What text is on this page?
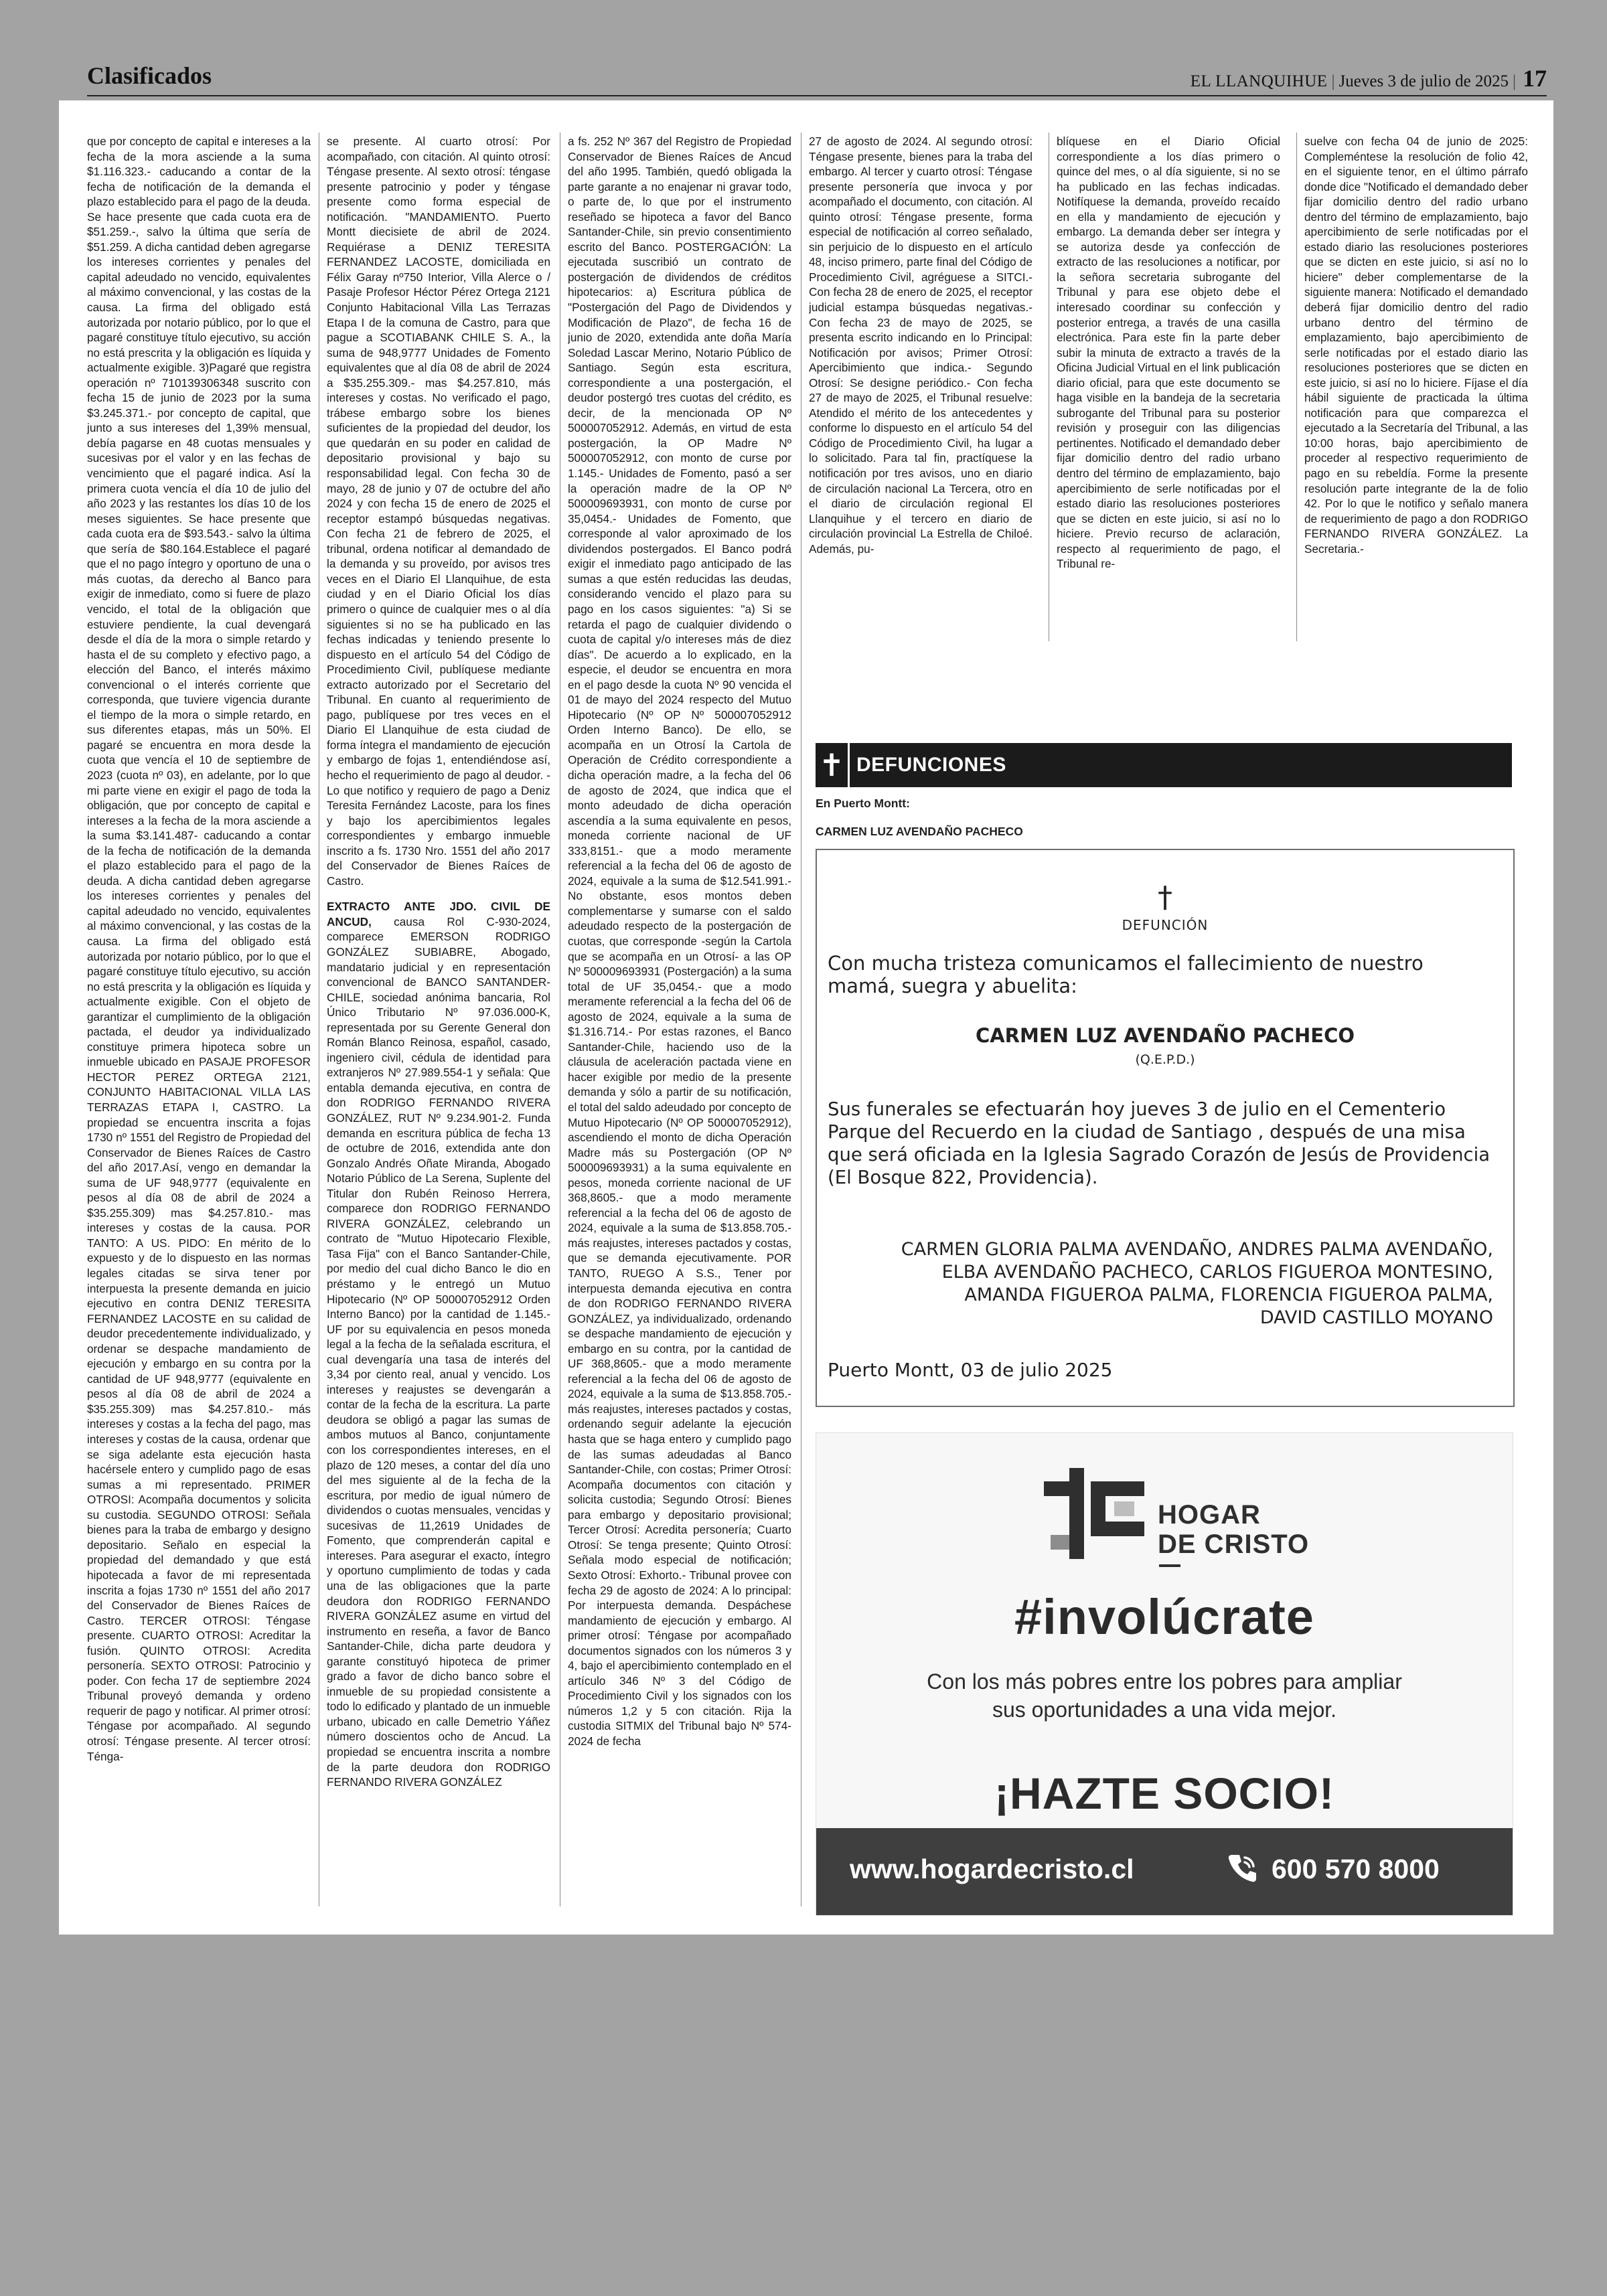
Clasificados	EL LLANQUIHUE | Jueves 3 de julio de 2025 | 17

que por concepto de capital e intereses a la fecha de la mora asciende a la suma $1.116.323.- caducando a contar de la fecha de notificación de la demanda el plazo establecido para el pago de la deuda. Se hace presente que cada cuota era de $51.259.-, salvo la última que sería de $51.259. A dicha cantidad deben agregarse los intereses corrientes y penales del capital adeudado no vencido, equivalentes al máximo convencional, y las costas de la causa. La firma del obligado está autorizada por notario público, por lo que el pagaré constituye título ejecutivo, su acción no está prescrita y la obligación es líquida y actualmente exigible. 3)Pagaré que registra operación nº 710139306348 suscrito con fecha 15 de junio de 2023 por la suma $3.245.371.- por concepto de capital, que junto a sus intereses del 1,39% mensual, debía pagarse en 48 cuotas mensuales y sucesivas por el valor y en las fechas de vencimiento que el pagaré indica. Así la primera cuota vencía el día 10 de julio del año 2023 y las restantes los días 10 de los meses siguientes. Se hace presente que cada cuota era de $93.543.- salvo la última que sería de $80.164.Establece el pagaré que el no pago íntegro y oportuno de una o más cuotas, da derecho al Banco para exigir de inmediato, como si fuere de plazo vencido, el total de la obligación que estuviere pendiente, la cual devengará desde el día de la mora o simple retardo y hasta el de su completo y efectivo pago, a elección del Banco, el interés máximo convencional o el interés corriente que corresponda, que tuviere vigencia durante el tiempo de la mora o simple retardo, en sus diferentes etapas, más un 50%. El pagaré se encuentra en mora desde la cuota que vencía el 10 de septiembre de 2023 (cuota nº 03), en adelante, por lo que mi parte viene en exigir el pago de toda la obligación, que por concepto de capital e intereses a la fecha de la mora asciende a la suma $3.141.487- caducando a contar de la fecha de notificación de la demanda el plazo establecido para el pago de la deuda. A dicha cantidad deben agregarse los intereses corrientes y penales del capital adeudado no vencido, equivalentes al máximo convencional, y las costas de la causa. La firma del obligado está autorizada por notario público, por lo que el pagaré constituye título ejecutivo, su acción no está prescrita y la obligación es líquida y actualmente exigible. Con el objeto de garantizar el cumplimiento de la obligación pactada, el deudor ya individualizado constituye primera hipoteca sobre un inmueble ubicado en PASAJE PROFESOR HECTOR PEREZ ORTEGA 2121, CONJUNTO HABITACIONAL VILLA LAS TERRAZAS ETAPA I, CASTRO. La propiedad se encuentra inscrita a fojas 1730 nº 1551 del Registro de Propiedad del Conservador de Bienes Raíces de Castro del año 2017.Así, vengo en demandar la suma de UF 948,9777 (equivalente en pesos al día 08 de abril de 2024 a $35.255.309) mas $4.257.810.- mas intereses y costas de la causa. POR TANTO: A US. PIDO: En mérito de lo expuesto y de lo dispuesto en las normas legales citadas se sirva tener por interpuesta la presente demanda en juicio ejecutivo en contra DENIZ TERESITA FERNANDEZ LACOSTE en su calidad de deudor precedentemente individualizado, y ordenar se despache mandamiento de ejecución y embargo en su contra por la cantidad de UF 948,9777 (equivalente en pesos al día 08 de abril de 2024 a $35.255.309) mas $4.257.810.- más intereses y costas a la fecha del pago, mas intereses y costas de la causa, ordenar que se siga adelante esta ejecución hasta hacérsele entero y cumplido pago de esas sumas a mi representado. PRIMER OTROSI: Acompaña documentos y solicita su custodia. SEGUNDO OTROSI: Señala bienes para la traba de embargo y designo depositario. Señalo en especial la propiedad del demandado y que está hipotecada a favor de mi representada inscrita a fojas 1730 nº 1551 del año 2017 del Conservador de Bienes Raíces de Castro. TERCER OTROSI: Téngase presente. CUARTO OTROSI: Acreditar la fusión. QUINTO OTROSI: Acredita personería. SEXTO OTROSI: Patrocinio y poder. Con fecha 17 de septiembre 2024 Tribunal proveyó demanda y ordeno requerir de pago y notificar. Al primer otrosí: Téngase por acompañado. Al segundo otrosí: Téngase presente. Al tercer otrosí: Ténga-

se presente. Al cuarto otrosí: Por acompañado, con citación. Al quinto otrosí: Téngase presente. Al sexto otrosí: téngase presente patrocinio y poder y téngase presente como forma especial de notificación. "MANDAMIENTO. Puerto Montt diecisiete de abril de 2024. Requiérase a DENIZ TERESITA FERNANDEZ LACOSTE, domiciliada en Félix Garay nº750 Interior, Villa Alerce o / Pasaje Profesor Héctor Pérez Ortega 2121 Conjunto Habitacional Villa Las Terrazas Etapa I de la comuna de Castro, para que pague a SCOTIABANK CHILE S. A., la suma de 948,9777 Unidades de Fomento equivalentes que al día 08 de abril de 2024 a $35.255.309.- mas $4.257.810, más intereses y costas. No verificado el pago, trábese embargo sobre los bienes suficientes de la propiedad del deudor, los que quedarán en su poder en calidad de depositario provisional y bajo su responsabilidad legal. Con fecha 30 de mayo, 28 de junio y 07 de octubre del año 2024 y con fecha 15 de enero de 2025 el receptor estampó búsquedas negativas. Con fecha 21 de febrero de 2025, el tribunal, ordena notificar al demandado de la demanda y su proveído, por avisos tres veces en el Diario El Llanquihue, de esta ciudad y en el Diario Oficial los días primero o quince de cualquier mes o al día siguientes si no se ha publicado en las fechas indicadas y teniendo presente lo dispuesto en el artículo 54 del Código de Procedimiento Civil, publíquese mediante extracto autorizado por el Secretario del Tribunal. En cuanto al requerimiento de pago, publíquese por tres veces en el Diario El Llanquihue de esta ciudad de forma íntegra el mandamiento de ejecución y embargo de fojas 1, entendiéndose así, hecho el requerimiento de pago al deudor. - Lo que notifico y requiero de pago a Deniz Teresita Fernández Lacoste, para los fines y bajo los apercibimientos legales correspondientes y embargo inmueble inscrito a fs. 1730 Nro. 1551 del año 2017 del Conservador de Bienes Raíces de Castro.

EXTRACTO ANTE JDO. CIVIL DE ANCUD, causa Rol C-930-2024, comparece EMERSON RODRIGO GONZÁLEZ SUBIABRE, Abogado, mandatario judicial y en representación convencional de BANCO SANTANDER-CHILE, sociedad anónima bancaria, Rol Único Tributario Nº 97.036.000-K, representada por su Gerente General don Román Blanco Reinosa, español, casado, ingeniero civil, cédula de identidad para extranjeros Nº 27.989.554-1 y señala: Que entabla demanda ejecutiva, en contra de don RODRIGO FERNANDO RIVERA GONZÁLEZ, RUT Nº 9.234.901-2. Funda demanda en escritura pública de fecha 13 de octubre de 2016, extendida ante don Gonzalo Andrés Oñate Miranda, Abogado Notario Público de La Serena, Suplente del Titular don Rubén Reinoso Herrera, comparece don RODRIGO FERNANDO RIVERA GONZÁLEZ, celebrando un contrato de "Mutuo Hipotecario Flexible, Tasa Fija" con el Banco Santander-Chile, por medio del cual dicho Banco le dio en préstamo y le entregó un Mutuo Hipotecario (Nº OP 500007052912 Orden Interno Banco) por la cantidad de 1.145.- UF por su equivalencia en pesos moneda legal a la fecha de la señalada escritura, el cual devengaría una tasa de interés del 3,34 por ciento real, anual y vencido. Los intereses y reajustes se devengarán a contar de la fecha de la escritura. La parte deudora se obligó a pagar las sumas de ambos mutuos al Banco, conjuntamente con los correspondientes intereses, en el plazo de 120 meses, a contar del día uno del mes siguiente al de la fecha de la escritura, por medio de igual número de dividendos o cuotas mensuales, vencidas y sucesivas de 11,2619 Unidades de Fomento, que comprenderán capital e intereses. Para asegurar el exacto, íntegro y oportuno cumplimiento de todas y cada una de las obligaciones que la parte deudora don RODRIGO FERNANDO RIVERA GONZÁLEZ asume en virtud del instrumento en reseña, a favor de Banco Santander-Chile, dicha parte deudora y garante constituyó hipoteca de primer grado a favor de dicho banco sobre el inmueble de su propiedad consistente a todo lo edificado y plantado de un inmueble urbano, ubicado en calle Demetrio Yáñez número doscientos ocho de Ancud. La propiedad se encuentra inscrita a nombre de la parte deudora don RODRIGO FERNANDO RIVERA GONZÁLEZ

a fs. 252 Nº 367 del Registro de Propiedad Conservador de Bienes Raíces de Ancud del año 1995. También, quedó obligada la parte garante a no enajenar ni gravar todo, o parte de, lo que por el instrumento reseñado se hipoteca a favor del Banco Santander-Chile, sin previo consentimiento escrito del Banco. POSTERGACIÓN: La ejecutada suscribió un contrato de postergación de dividendos de créditos hipotecarios: a) Escritura pública de "Postergación del Pago de Dividendos y Modificación de Plazo", de fecha 16 de junio de 2020, extendida ante doña María Soledad Lascar Merino, Notario Público de Santiago. Según esta escritura, correspondiente a una postergación, el deudor postergó tres cuotas del crédito, es decir, de la mencionada OP Nº 500007052912. Además, en virtud de esta postergación, la OP Madre Nº 500007052912, con monto de curse por 1.145.- Unidades de Fomento, pasó a ser la operación madre de la OP Nº 500009693931, con monto de curse por 35,0454.- Unidades de Fomento, que corresponde al valor aproximado de los dividendos postergados. El Banco podrá exigir el inmediato pago anticipado de las sumas a que estén reducidas las deudas, considerando vencido el plazo para su pago en los casos siguientes: "a) Si se retarda el pago de cualquier dividendo o cuota de capital y/o intereses más de diez días". De acuerdo a lo explicado, en la especie, el deudor se encuentra en mora en el pago desde la cuota Nº 90 vencida el 01 de mayo del 2024 respecto del Mutuo Hipotecario (Nº OP Nº 500007052912 Orden Interno Banco). De ello, se acompaña en un Otrosí la Cartola de Operación de Crédito correspondiente a dicha operación madre, a la fecha del 06 de agosto de 2024, que indica que el monto adeudado de dicha operación ascendía a la suma equivalente en pesos, moneda corriente nacional de UF 333,8151.- que a modo meramente referencial a la fecha del 06 de agosto de 2024, equivale a la suma de $12.541.991.- No obstante, esos montos deben complementarse y sumarse con el saldo adeudado respecto de la postergación de cuotas, que corresponde -según la Cartola que se acompaña en un Otrosí- a las OP Nº 500009693931 (Postergación) a la suma total de UF 35,0454.- que a modo meramente referencial a la fecha del 06 de agosto de 2024, equivale a la suma de $1.316.714.- Por estas razones, el Banco Santander-Chile, haciendo uso de la cláusula de aceleración pactada viene en hacer exigible por medio de la presente demanda y sólo a partir de su notificación, el total del saldo adeudado por concepto de Mutuo Hipotecario (Nº OP 500007052912), ascendiendo el monto de dicha Operación Madre más su Postergación (OP Nº 500009693931) a la suma equivalente en pesos, moneda corriente nacional de UF 368,8605.- que a modo meramente referencial a la fecha del 06 de agosto de 2024, equivale a la suma de $13.858.705.- más reajustes, intereses pactados y costas, que se demanda ejecutivamente. POR TANTO, RUEGO A S.S., Tener por interpuesta demanda ejecutiva en contra de don RODRIGO FERNANDO RIVERA GONZÁLEZ, ya individualizado, ordenando se despache mandamiento de ejecución y embargo en su contra, por la cantidad de UF 368,8605.- que a modo meramente referencial a la fecha del 06 de agosto de 2024, equivale a la suma de $13.858.705.- más reajustes, intereses pactados y costas, ordenando seguir adelante la ejecución hasta que se haga entero y cumplido pago de las sumas adeudadas al Banco Santander-Chile, con costas; Primer Otrosí: Acompaña documentos con citación y solicita custodia; Segundo Otrosí: Bienes para embargo y depositario provisional; Tercer Otrosí: Acredita personería; Cuarto Otrosí: Se tenga presente; Quinto Otrosí: Señala modo especial de notificación; Sexto Otrosí: Exhorto.- Tribunal provee con fecha 29 de agosto de 2024: A lo principal: Por interpuesta demanda. Despáchese mandamiento de ejecución y embargo. Al primer otrosí: Téngase por acompañado documentos signados con los números 3 y 4, bajo el apercibimiento contemplado en el artículo 346 Nº 3 del Código de Procedimiento Civil y los signados con los números 1,2 y 5 con citación. Rija la custodia SITMIX del Tribunal bajo Nº 574-2024 de fecha

27 de agosto de 2024. Al segundo otrosí: Téngase presente, bienes para la traba del embargo. Al tercer y cuarto otrosí: Téngase presente personería que invoca y por acompañado el documento, con citación. Al quinto otrosí: Téngase presente, forma especial de notificación al correo señalado, sin perjuicio de lo dispuesto en el artículo 48, inciso primero, parte final del Código de Procedimiento Civil, agréguese a SITCI.- Con fecha 28 de enero de 2025, el receptor judicial estampa búsquedas negativas.- Con fecha 23 de mayo de 2025, se presenta escrito indicando en lo Principal: Notificación por avisos; Primer Otrosí: Apercibimiento que indica.- Segundo Otrosí: Se designe periódico.- Con fecha 27 de mayo de 2025, el Tribunal resuelve: Atendido el mérito de los antecedentes y conforme lo dispuesto en el artículo 54 del Código de Procedimiento Civil, ha lugar a lo solicitado. Para tal fin, practíquese la notificación por tres avisos, uno en diario de circulación nacional La Tercera, otro en el diario de circulación regional El Llanquihue y el tercero en diario de circulación provincial La Estrella de Chiloé. Además, pu-

blíquese en el Diario Oficial correspondiente a los días primero o quince del mes, o al día siguiente, si no se ha publicado en las fechas indicadas. Notifíquese la demanda, proveído recaído en ella y mandamiento de ejecución y embargo. La demanda deber ser íntegra y se autoriza desde ya confección de extracto de las resoluciones a notificar, por la señora secretaria subrogante del Tribunal y para ese objeto debe el interesado coordinar su confección y posterior entrega, a través de una casilla electrónica. Para este fin la parte deber subir la minuta de extracto a través de la Oficina Judicial Virtual en el link publicación diario oficial, para que este documento se haga visible en la bandeja de la secretaria subrogante del Tribunal para su posterior revisión y proseguir con las diligencias pertinentes. Notificado el demandado deber fijar domicilio dentro del radio urbano dentro del término de emplazamiento, bajo apercibimiento de serle notificadas por el estado diario las resoluciones posteriores que se dicten en este juicio, si así no lo hiciere. Previo recurso de aclaración, respecto al requerimiento de pago, el Tribunal re-

suelve con fecha 04 de junio de 2025: Compleméntese la resolución de folio 42, en el siguiente tenor, en el último párrafo donde dice "Notificado el demandado deber fijar domicilio dentro del radio urbano dentro del término de emplazamiento, bajo apercibimiento de serle notificadas por el estado diario las resoluciones posteriores que se dicten en este juicio, si así no lo hiciere" deber complementarse de la siguiente manera: Notificado el demandado deberá fijar domicilio dentro del radio urbano dentro del término de emplazamiento, bajo apercibimiento de serle notificadas por el estado diario las resoluciones posteriores que se dicten en este juicio, si así no lo hiciere. Fíjase el día hábil siguiente de practicada la última notificación para que comparezca el ejecutado a la Secretaría del Tribunal, a las 10:00 horas, bajo apercibimiento de proceder al respectivo requerimiento de pago en su rebeldía. Forme la presente resolución parte integrante de la de folio 42. Por lo que le notifico y señalo manera de requerimiento de pago a don RODRIGO FERNANDO RIVERA GONZÁLEZ. La Secretaria.-

✝ DEFUNCIONES
En Puerto Montt:
CARMEN LUZ AVENDAÑO PACHECO
†
DEFUNCIÓN
Con mucha tristeza comunicamos el fallecimiento de nuestro mamá, suegra y abuelita:
CARMEN LUZ AVENDAÑO PACHECO
(Q.E.P.D.)
Sus funerales se efectuarán hoy jueves 3 de julio en el Cementerio Parque del Recuerdo en la ciudad de Santiago , después de una misa que será oficiada en la Iglesia Sagrado Corazón de Jesús de Providencia (El Bosque 822, Providencia).
CARMEN GLORIA PALMA AVENDAÑO, ANDRES PALMA AVENDAÑO,
ELBA AVENDAÑO PACHECO, CARLOS FIGUEROA MONTESINO,
AMANDA FIGUEROA PALMA, FLORENCIA FIGUEROA PALMA,
DAVID CASTILLO MOYANO
Puerto Montt, 03 de julio 2025
HOGAR
DE CRISTO
#involúcrate
Con los más pobres entre los pobres para ampliar
sus oportunidades a una vida mejor.
¡HAZTE SOCIO!
www.hogardecristo.cl	600 570 8000
